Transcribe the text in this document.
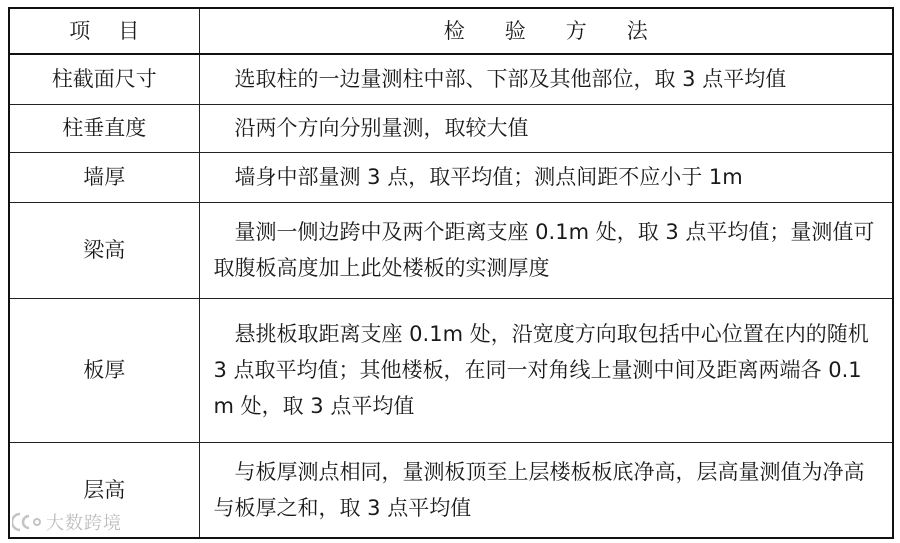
项 目	检 验 方 法
柱截面尺寸	选取柱的一边量测柱中部、下部及其他部位，取 3 点平均值
柱垂直度	沿两个方向分别量测，取较大值
墙厚	墙身中部量测 3 点，取平均值；测点间距不应小于 1m
梁高	量测一侧边跨中及两个距离支座 0.1m 处，取 3 点平均值；量测值可取腹板高度加上此处楼板的实测厚度
板厚	悬挑板取距离支座 0.1m 处，沿宽度方向取包括中心位置在内的随机 3 点取平均值；其他楼板，在同一对角线上量测中间及距离两端各 0.1m 处，取 3 点平均值
层高	与板厚测点相同，量测板顶至上层楼板板底净高，层高量测值为净高与板厚之和，取 3 点平均值
大数跨境
